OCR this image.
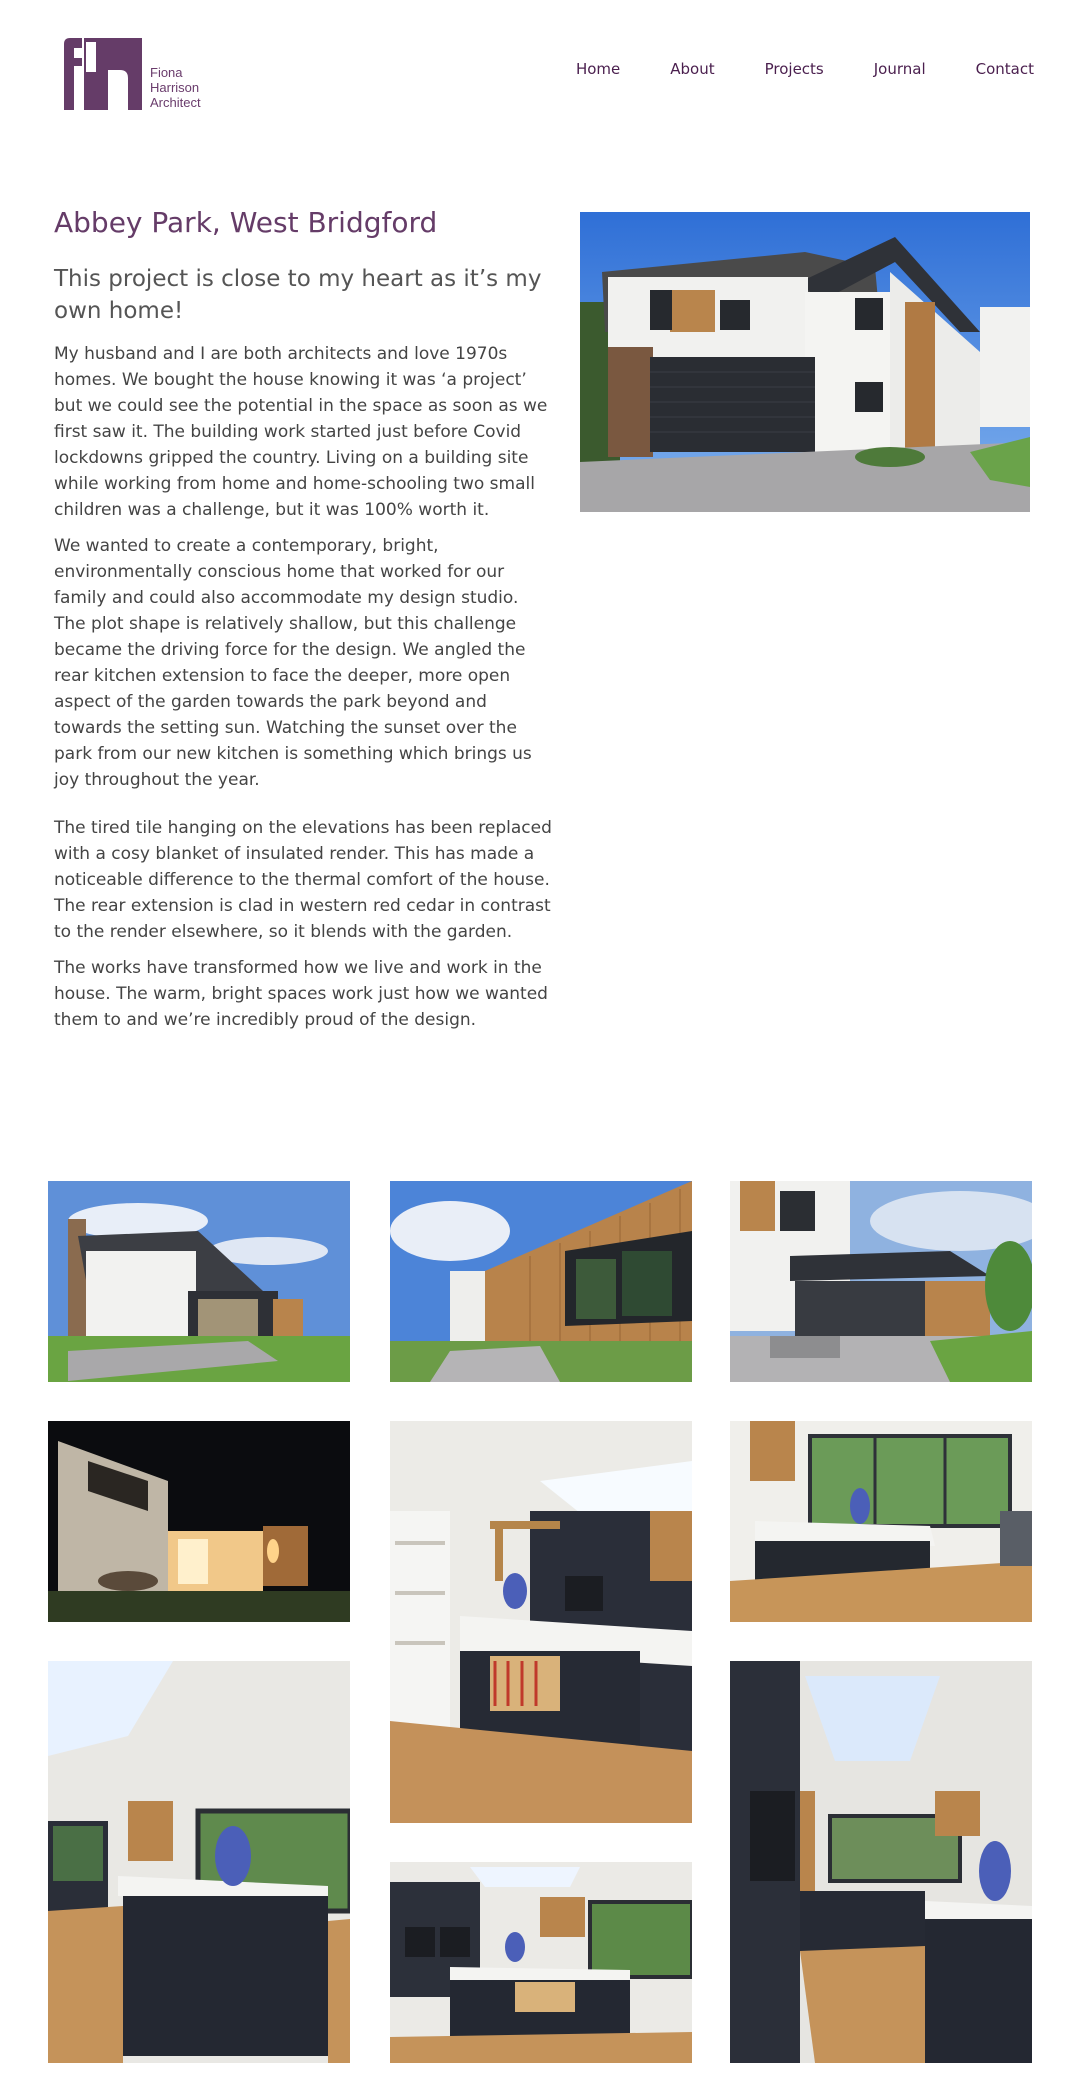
Fiona
Harrison
Architect
Home	About	Projects	Journal	Contact
Abbey Park, West Bridgford
This project is close to my heart as it’s my own home!

My husband and I are both architects and love 1970s homes. We bought the house knowing it was ‘a project’ but we could see the potential in the space as soon as we first saw it. The building work started just before Covid lockdowns gripped the country. Living on a building site while working from home and home-schooling two small children was a challenge, but it was 100% worth it.

We wanted to create a contemporary, bright, environmentally conscious home that worked for our family and could also accommodate my design studio. The plot shape is relatively shallow, but this challenge became the driving force for the design. We angled the rear kitchen extension to face the deeper, more open aspect of the garden towards the park beyond and towards the setting sun. Watching the sunset over the park from our new kitchen is something which brings us joy throughout the year.

The tired tile hanging on the elevations has been replaced with a cosy blanket of insulated render. This has made a noticeable difference to the thermal comfort of the house. The rear extension is clad in western red cedar in contrast to the render elsewhere, so it blends with the garden.

The works have transformed how we live and work in the house. The warm, bright spaces work just how we wanted them to and we’re incredibly proud of the design.
